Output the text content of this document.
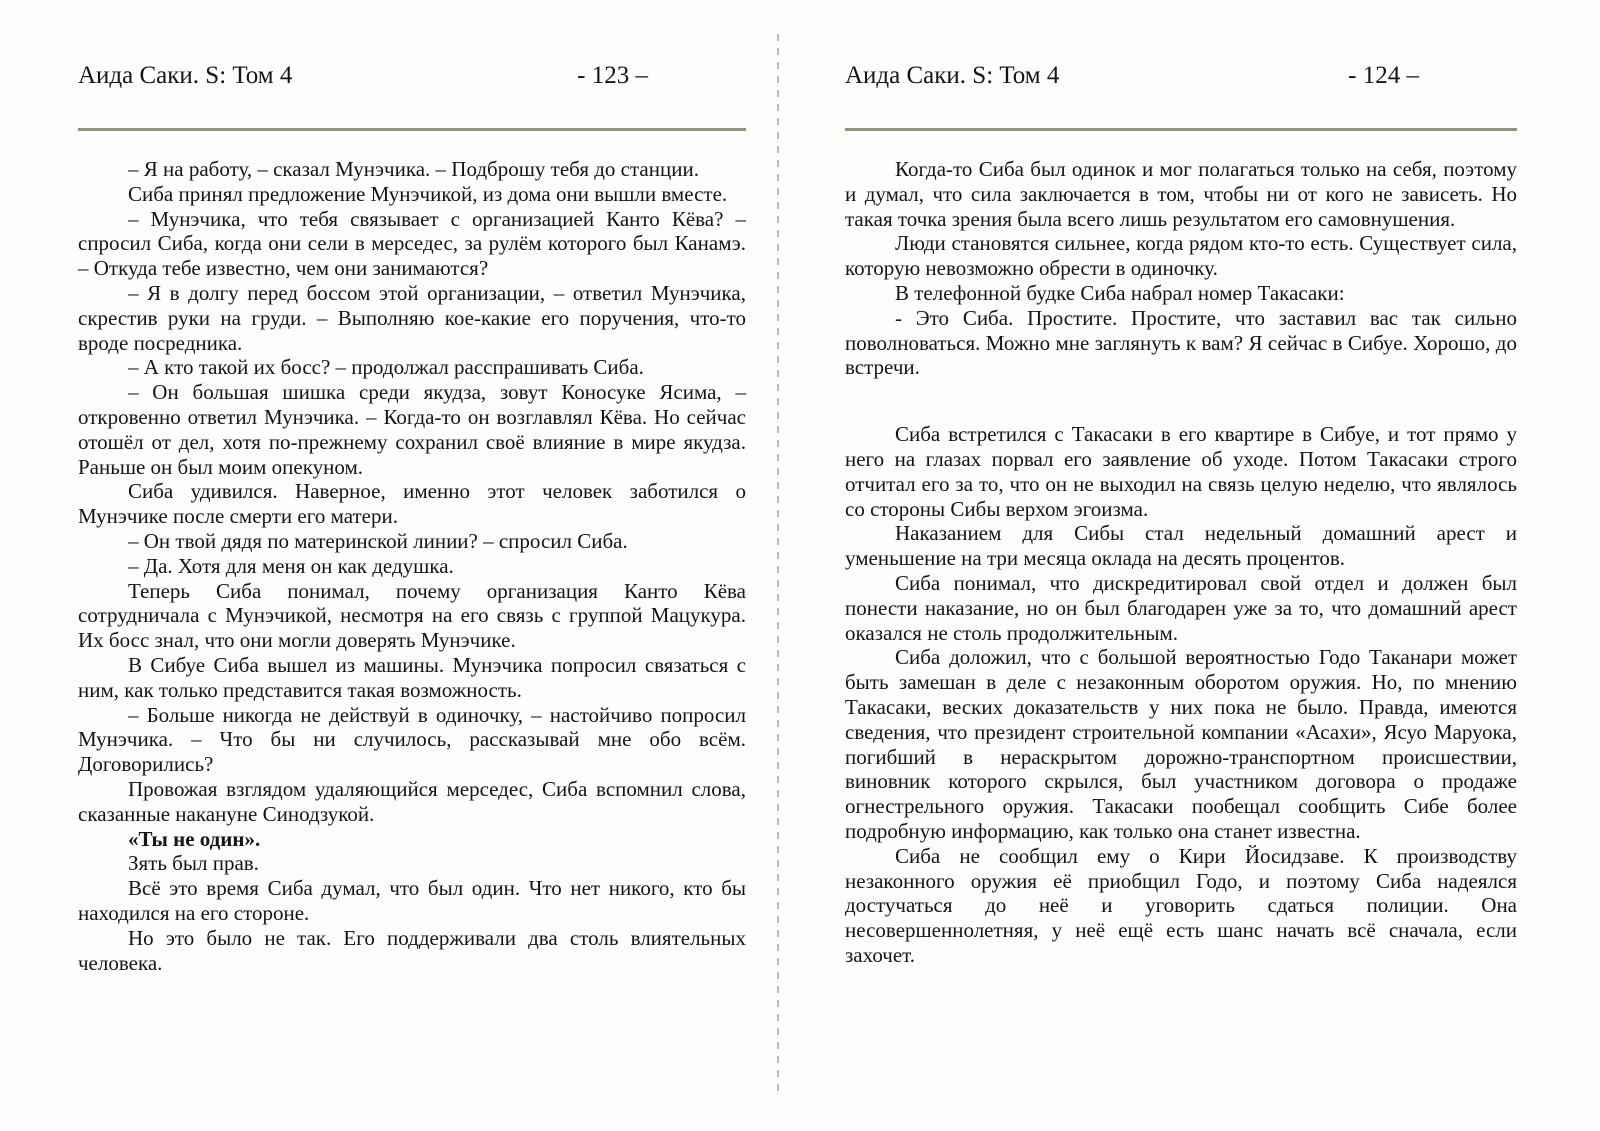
Аида Саки. S: Том 4	- 123 –

– Я на работу, – сказал Мунэчика. – Подброшу тебя до станции.

Сиба принял предложение Мунэчикой, из дома они вышли вместе.

– Мунэчика, что тебя связывает с организацией Канто Кёва? – спросил Сиба, когда они сели в мерседес, за рулём которого был Канамэ. – Откуда тебе известно, чем они занимаются?

– Я в долгу перед боссом этой организации, – ответил Мунэчика, скрестив руки на груди. – Выполняю кое-какие его поручения, что-то вроде посредника.

– А кто такой их босс? – продолжал расспрашивать Сиба.

– Он большая шишка среди якудза, зовут Коносуке Ясима, – откровенно ответил Мунэчика. – Когда-то он возглавлял Кёва. Но сейчас отошёл от дел, хотя по-прежнему сохранил своё влияние в мире якудза. Раньше он был моим опекуном.

Сиба удивился. Наверное, именно этот человек заботился о Мунэчике после смерти его матери.

– Он твой дядя по материнской линии? – спросил Сиба.

– Да. Хотя для меня он как дедушка.

Теперь Сиба понимал, почему организация Канто Кёва сотрудничала с Мунэчикой, несмотря на его связь с группой Мацукура. Их босс знал, что они могли доверять Мунэчике.

В Сибуе Сиба вышел из машины. Мунэчика попросил связаться с ним, как только представится такая возможность.

– Больше никогда не действуй в одиночку, – настойчиво попросил Мунэчика. – Что бы ни случилось, рассказывай мне обо всём. Договорились?

Провожая взглядом удаляющийся мерседес, Сиба вспомнил слова, сказанные накануне Синодзукой.

«Ты не один».

Зять был прав.

Всё это время Сиба думал, что был один. Что нет никого, кто бы находился на его стороне.

Но это было не так. Его поддерживали два столь влиятельных человека.

Аида Саки. S: Том 4	- 124 –

Когда-то Сиба был одинок и мог полагаться только на себя, поэтому и думал, что сила заключается в том, чтобы ни от кого не зависеть. Но такая точка зрения была всего лишь результатом его самовнушения.

Люди становятся сильнее, когда рядом кто-то есть. Существует сила, которую невозможно обрести в одиночку.

В телефонной будке Сиба набрал номер Такасаки:

- Это Сиба. Простите. Простите, что заставил вас так сильно поволноваться. Можно мне заглянуть к вам? Я сейчас в Сибуе. Хорошо, до встречи.

Сиба встретился с Такасаки в его квартире в Сибуе, и тот прямо у него на глазах порвал его заявление об уходе. Потом Такасаки строго отчитал его за то, что он не выходил на связь целую неделю, что являлось со стороны Сибы верхом эгоизма.

Наказанием для Сибы стал недельный домашний арест и уменьшение на три месяца оклада на десять процентов.

Сиба понимал, что дискредитировал свой отдел и должен был понести наказание, но он был благодарен уже за то, что домашний арест оказался не столь продолжительным.

Сиба доложил, что с большой вероятностью Годо Таканари может быть замешан в деле с незаконным оборотом оружия. Но, по мнению Такасаки, веских доказательств у них пока не было. Правда, имеются сведения, что президент строительной компании «Асахи», Ясуо Маруока, погибший в нераскрытом дорожно-транспортном происшествии, виновник которого скрылся, был участником договора о продаже огнестрельного оружия. Такасаки пообещал сообщить Сибе более подробную информацию, как только она станет известна.

Сиба не сообщил ему о Кири Йосидзаве. К производству незаконного оружия её приобщил Годо, и поэтому Сиба надеялся достучаться до неё и уговорить сдаться полиции. Она несовершеннолетняя, у неё ещё есть шанс начать всё сначала, если захочет.
